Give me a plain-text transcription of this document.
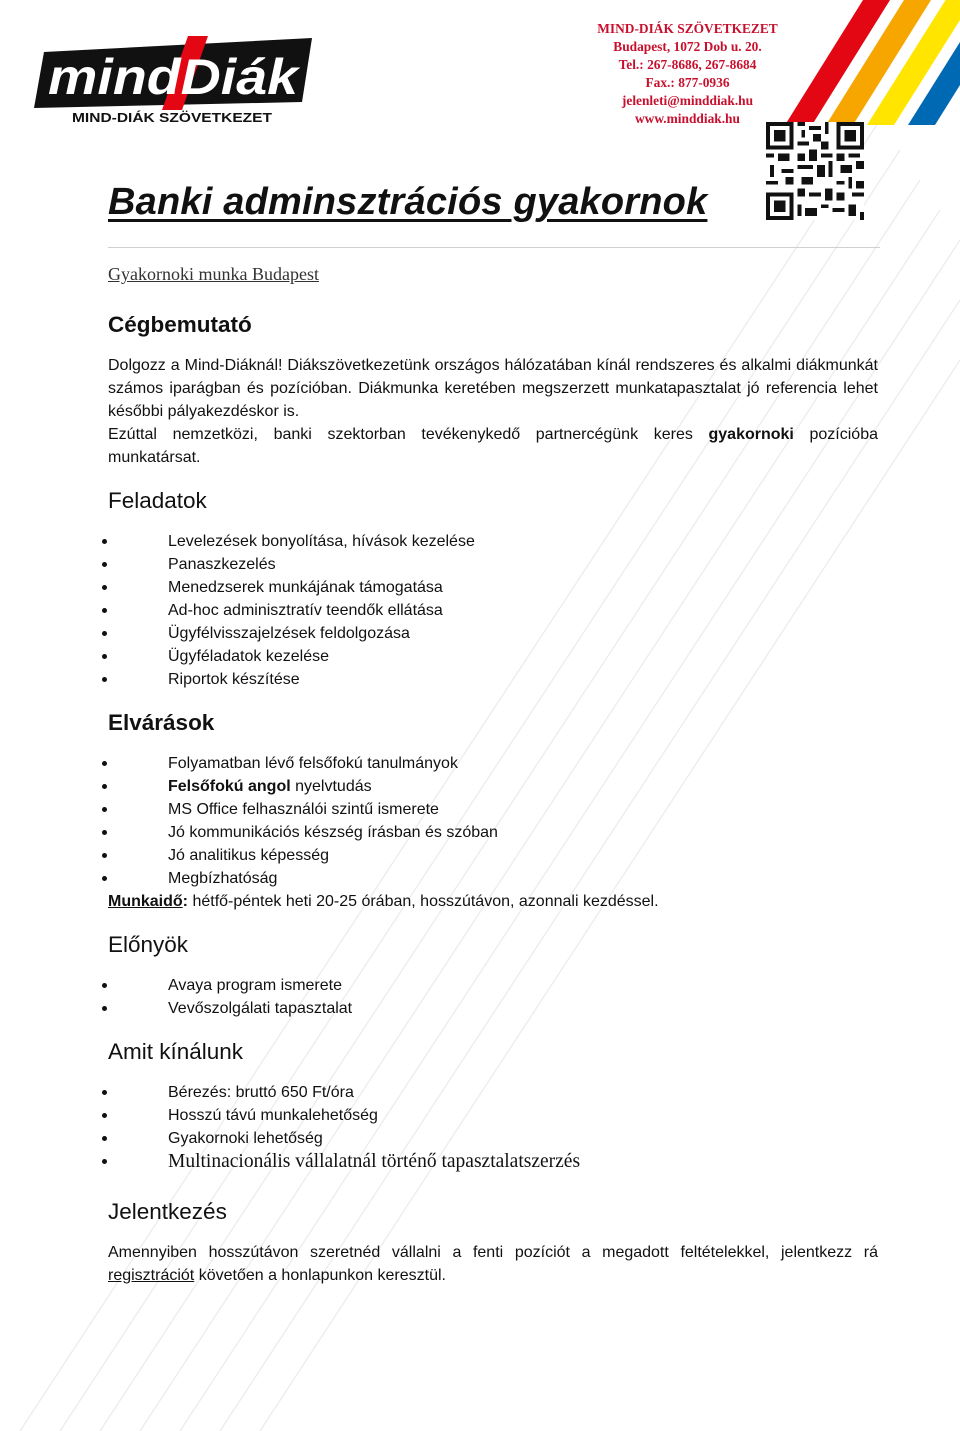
mindDiák
MIND-DIÁK SZÖVETKEZET
MIND-DIÁK SZÖVETKEZET
Budapest, 1072 Dob u. 20.
Tel.: 267-8686, 267-8684
Fax.: 877-0936
jelenleti@minddiak.hu
www.minddiak.hu
Banki adminsztrációs gyakornok
Gyakornoki munka Budapest
Cégbemutató

Dolgozz a Mind-Diáknál! Diákszövetkezetünk országos hálózatában kínál rendszeres és alkalmi diákmunkát számos iparágban és pozícióban. Diákmunka keretében megszerzett munkatapasztalat jó referencia lehet későbbi pályakezdéskor is.

Ezúttal nemzetközi, banki szektorban tevékenykedő partnercégünk keres gyakornoki pozícióba munkatársat.

Feladatok
Levelezések bonyolítása, hívások kezelése
Panaszkezelés
Menedzserek munkájának támogatása
Ad-hoc adminisztratív teendők ellátása
Ügyfélvisszajelzések feldolgozása
Ügyféladatok kezelése
Riportok készítése
Elvárások
Folyamatban lévő felsőfokú tanulmányok
Felsőfokú angol nyelvtudás
MS Office felhasználói szintű ismerete
Jó kommunikációs készség írásban és szóban
Jó analitikus képesség
Megbízhatóság

Munkaidő: hétfő-péntek heti 20-25 órában, hosszútávon, azonnali kezdéssel.

Előnyök
Avaya program ismerete
Vevőszolgálati tapasztalat
Amit kínálunk
Bérezés: bruttó 650 Ft/óra
Hosszú távú munkalehetőség
Gyakornoki lehetőség
Multinacionális vállalatnál történő tapasztalatszerzés
Jelentkezés

Amennyiben hosszútávon szeretnéd vállalni a fenti pozíciót a megadott feltételekkel, jelentkezz rá regisztrációt követően a honlapunkon keresztül.
